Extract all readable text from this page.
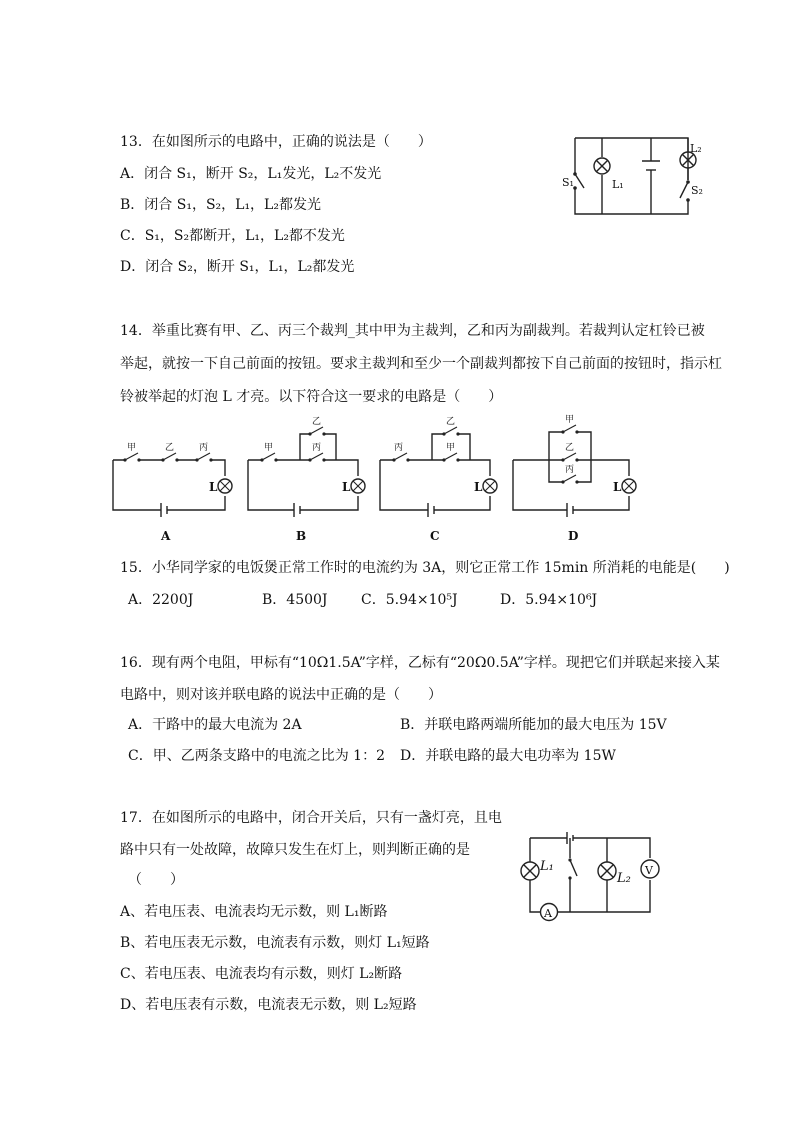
13．在如图所示的电路中，正确的说法是（　　）
A．闭合 S₁，断开 S₂，L₁发光，L₂不发光
B．闭合 S₁，S₂，L₁，L₂都发光
C．S₁，S₂都断开，L₁，L₂都不发光
D．闭合 S₂，断开 S₁，L₁，L₂都发光
S₁	L₁
L₂
S₂
14．举重比赛有甲、乙、丙三个裁判_其中甲为主裁判，乙和丙为副裁判。若裁判认定杠铃已被
举起，就按一下自己前面的按钮。要求主裁判和至少一个副裁判都按下自己前面的按钮时，指示杠
铃被举起的灯泡 L 才亮。以下符合这一要求的电路是（　　）
甲	乙	丙
L
A
甲
乙
丙
L
B
丙
乙
甲
L
C
甲
乙
丙
L
D
15．小华同学家的电饭煲正常工作时的电流约为 3A，则它正常工作 15min 所消耗的电能是(　　)
A．2200J	B．4500J C．5.94×10⁵J	D．5.94×10⁶J
16．现有两个电阻，甲标有“10Ω1.5A”字样，乙标有“20Ω0.5A”字样。现把它们并联起来接入某
电路中，则对该并联电路的说法中正确的是（　　）
A．干路中的最大电流为 2A	B．并联电路两端所能加的最大电压为 15V
C．甲、乙两条支路中的电流之比为 1：2 D．并联电路的最大电功率为 15W
17．在如图所示的电路中，闭合开关后，只有一盏灯亮，且电
路中只有一处故障，故障只发生在灯上，则判断正确的是
（　　）
A、若电压表、电流表均无示数，则 L₁断路
B、若电压表无示数，电流表有示数，则灯 L₁短路
C、若电压表、电流表均有示数，则灯 L₂断路
D、若电压表有示数，电流表无示数，则 L₂短路
L₁
A
L₂
V
